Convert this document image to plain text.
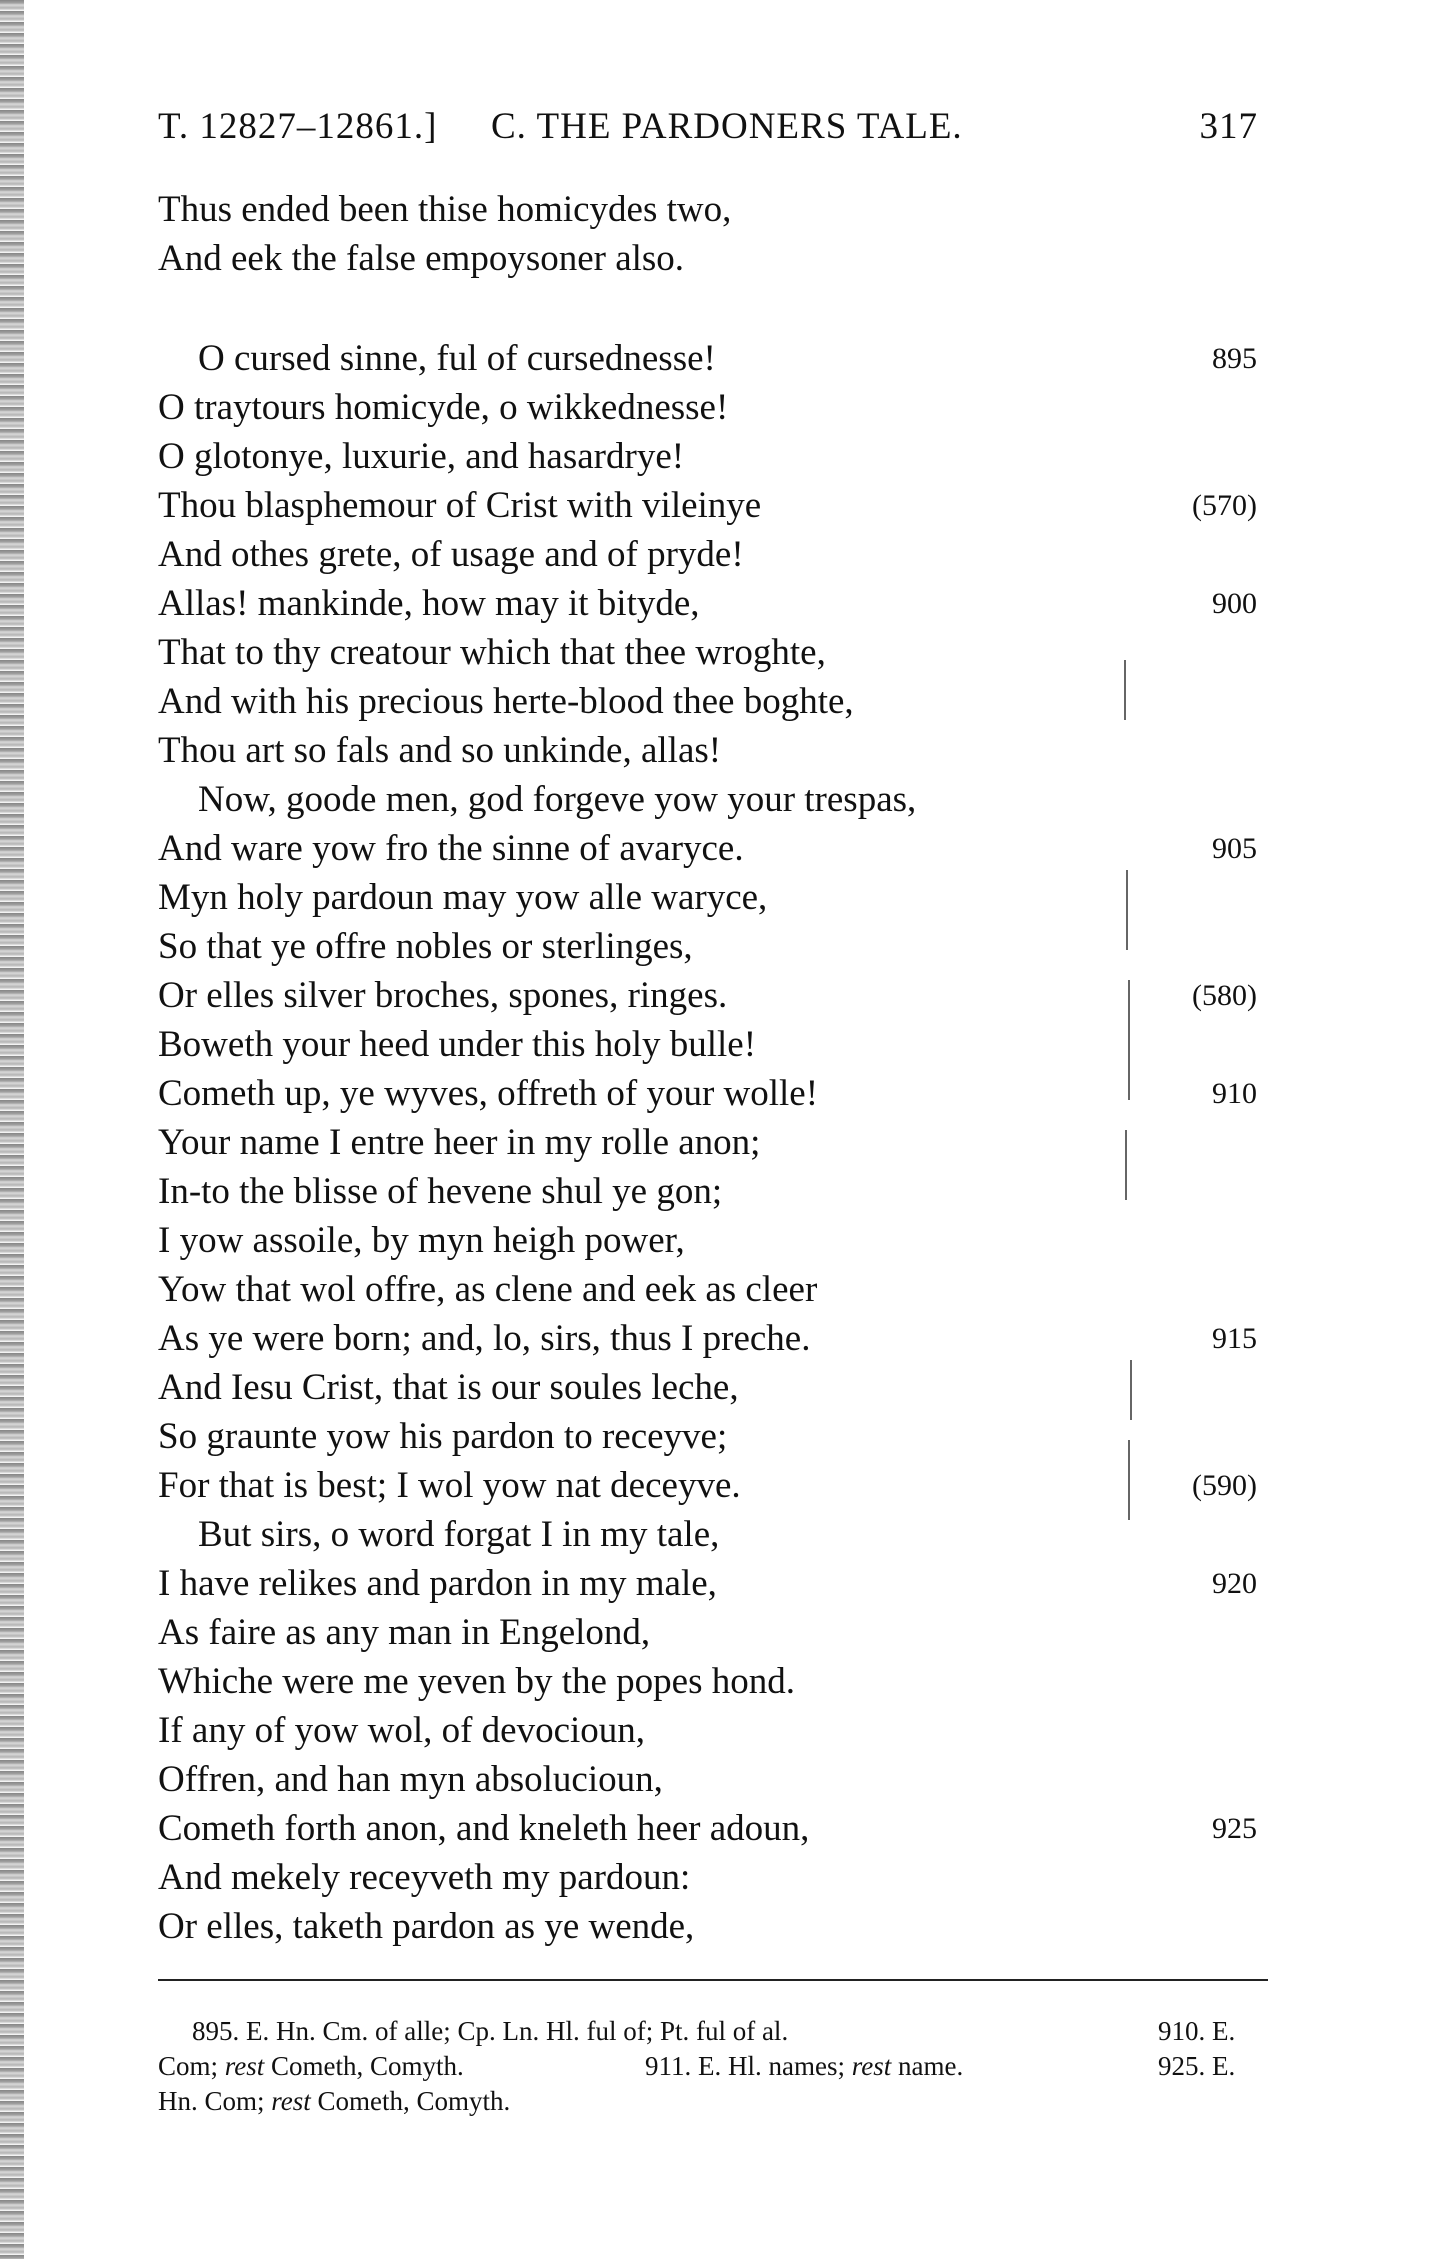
T. 12827–12861.] C. THE PARDONERS TALE.	317
Thus ended been thise homicydes two,
And eek the false empoysoner also.
O cursed sinne, ful of cursednesse!	895
O traytours homicyde, o wikkednesse!
O glotonye, luxurie, and hasardrye!
Thou blasphemour of Crist with vileinye	(570)
And othes grete, of usage and of pryde!
Allas! mankinde, how may it bityde,	900
That to thy creatour which that thee wroghte,
And with his precious herte-blood thee boghte,
Thou art so fals and so unkinde, allas!
Now, goode men, god forgeve yow your trespas,
And ware yow fro the sinne of avaryce.	905
Myn holy pardoun may yow alle waryce,
So that ye offre nobles or sterlinges,
Or elles silver broches, spones, ringes.	(580)
Boweth your heed under this holy bulle!
Cometh up, ye wyves, offreth of your wolle!	910
Your name I entre heer in my rolle anon;
In-to the blisse of hevene shul ye gon;
I yow assoile, by myn heigh power,
Yow that wol offre, as clene and eek as cleer
As ye were born; and, lo, sirs, thus I preche.	915
And Iesu Crist, that is our soules leche,
So graunte yow his pardon to receyve;
For that is best; I wol yow nat deceyve.	(590)
But sirs, o word forgat I in my tale,
I have relikes and pardon in my male,	920
As faire as any man in Engelond,
Whiche were me yeven by the popes hond.
If any of yow wol, of devocioun,
Offren, and han myn absolucioun,
Cometh forth anon, and kneleth heer adoun,	925
And mekely receyveth my pardoun:
Or elles, taketh pardon as ye wende,
895. E. Hn. Cm. of alle; Cp. Ln. Hl. ful of; Pt. ful of al.	910. E.
Com; rest Cometh, Comyth.	911. E. Hl. names; rest name.	925. E.
Hn. Com; rest Cometh, Comyth.
